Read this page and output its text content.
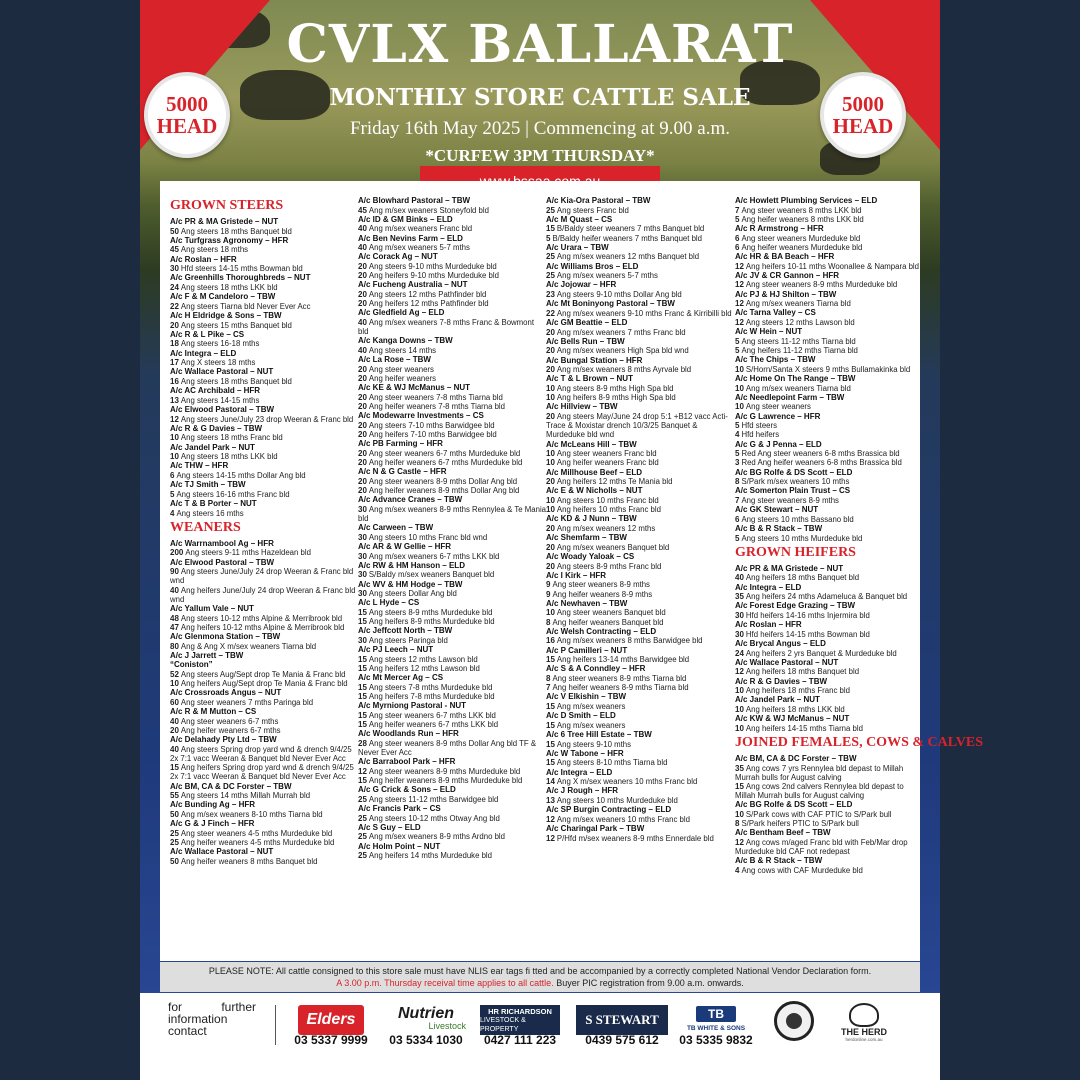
5000
HEAD
5000
HEAD
CVLX BALLARAT
MONTHLY STORE CATTLE SALE
Friday 16th May 2025 | Commencing at 9.00 a.m.
*CURFEW 3PM THURSDAY*
GROWN STEERS
A/c PR & MA Gristede – NUT
50 Ang steers 18 mths Banquet bld
A/c Turfgrass Agronomy – HFR
45 Ang steers 18 mths
A/c Roslan – HFR
30 Hfd steers 14-15 mths Bowman bld
A/c Greenhills Thoroughbreds – NUT
24 Ang steers 18 mths LKK bld
A/c F & M Candeloro – TBW
22 Ang steers Tiarna bld Never Ever Acc
A/c H Eldridge & Sons – TBW
20 Ang steers 15 mths Banquet bld
A/c R & L Pike – CS
18 Ang steers 16-18 mths
A/c Integra – ELD
17 Ang X steers 18 mths
A/c Wallace Pastoral – NUT
16 Ang steers 18 mths Banquet bld
A/c AC Archibald – HFR
13 Ang steers 14-15 mths
A/c Elwood Pastoral – TBW
12 Ang steers June/July 23 drop Weeran & Franc bld
A/c R & G Davies – TBW
10 Ang steers 18 mths Franc bld
A/c Jandel Park – NUT
10 Ang steers 18 mths LKK bld
A/c THW – HFR
6 Ang steers 14-15 mths Dollar Ang bld
A/c TJ Smith – TBW
5 Ang steers 16-16 mths Franc bld
A/c T & B Porter – NUT
4 Ang steers 16 mths
WEANERS
A/c Warrnambool Ag – HFR
200 Ang steers 9-11 mths Hazeldean bld
A/c Elwood Pastoral – TBW
90 Ang steers June/July 24 drop Weeran & Franc bld wnd
40 Ang heifers June/July 24 drop Weeran & Franc bld wnd
A/c Yallum Vale – NUT
48 Ang steers 10-12 mths Alpine & Merribrook bld
47 Ang heifers 10-12 mths Alpine & Merribrook bld
A/c Glenmona Station – TBW
80 Ang & Ang X m/sex weaners Tiarna bld
A/c J Jarrett – TBW
“Coniston”
52 Ang steers Aug/Sept drop Te Mania & Franc bld
10 Ang heifers Aug/Sept drop Te Mania & Franc bld
A/c Crossroads Angus – NUT
60 Ang steer weaners 7 mths Paringa bld
A/c R & M Mutton – CS
40 Ang steer weaners 6-7 mths
20 Ang heifer weaners 6-7 mths
A/c Delahady Pty Ltd – TBW
40 Ang steers Spring drop yard wnd & drench 9/4/25 2x 7:1 vacc Weeran & Banquet bld Never Ever Acc
15 Ang heifers Spring drop yard wnd & drench 9/4/25 2x 7:1 vacc Weeran & Banquet bld Never Ever Acc
A/c BM, CA & DC Forster – TBW
55 Ang steers 14 mths Millah Murrah bld
A/c Bunding Ag – HFR
50 Ang m/sex weaners 8-10 mths Tiarna bld
A/c G & J Finch – HFR
25 Ang steer weaners 4-5 mths Murdeduke bld
25 Ang heifer weaners 4-5 mths Murdeduke bld
A/c Wallace Pastoral – NUT
50 Ang heifer weaners 8 mths Banquet bld
A/c Blowhard Pastoral – TBW
45 Ang m/sex weaners Stoneyfold bld
A/c ID & GM Binks – ELD
40 Ang m/sex weaners Franc bld
A/c Ben Nevins Farm – ELD
40 Ang m/sex weaners 5-7 mths
A/c Corack Ag – NUT
20 Ang steers 9-10 mths Murdeduke bld
20 Ang heifers 9-10 mths Murdeduke bld
A/c Fucheng Australia – NUT
20 Ang steers 12 mths Pathfinder bld
20 Ang heifers 12 mths Pathfinder bld
A/c Gledfield Ag – ELD
40 Ang m/sex weaners 7-8 mths Franc & Bowmont bld
A/c Kanga Downs – TBW
40 Ang steers 14 mths
A/c La Rose – TBW
20 Ang steer weaners
20 Ang heifer weaners
A/c KE & WJ McManus – NUT
20 Ang steer weaners 7-8 mths Tiarna bld
20 Ang heifer weaners 7-8 mths Tiarna bld
A/c Modewarre Investments – CS
20 Ang steers 7-10 mths Barwidgee bld
20 Ang heifers 7-10 mths Barwidgee bld
A/c PB Farming – HFR
20 Ang steer weaners 6-7 mths Murdeduke bld
20 Ang heifer weaners 6-7 mths Murdeduke bld
A/c N & G Castle – HFR
20 Ang steer weaners 8-9 mths Dollar Ang bld
20 Ang heifer weaners 8-9 mths Dollar Ang bld
A/c Advance Cranes – TBW
30 Ang m/sex weaners 8-9 mths Rennylea & Te Mania bld
A/c Carween – TBW
30 Ang steers 10 mths Franc bld wnd
A/c AR & W Gellie – HFR
30 Ang m/sex weaners 6-7 mths LKK bld
A/c RW & HM Hanson – ELD
30 S/Baldy m/sex weaners Banquet bld
A/c WV & HM Hodge – TBW
30 Ang steers Dollar Ang bld
A/c L Hyde – CS
15 Ang steers 8-9 mths Murdeduke bld
15 Ang heifers 8-9 mths Murdeduke bld
A/c Jeffcott North – TBW
30 Ang steers Paringa bld
A/c PJ Leech – NUT
15 Ang steers 12 mths Lawson bld
15 Ang heifers 12 mths Lawson bld
A/c Mt Mercer Ag – CS
15 Ang steers 7-8 mths Murdeduke bld
15 Ang heifers 7-8 mths Murdeduke bld
A/c Myrniong Pastoral - NUT
15 Ang steer weaners 6-7 mths LKK bld
15 Ang heifer weaners 6-7 mths LKK bld
A/c Woodlands Run – HFR
28 Ang steer weaners 8-9 mths Dollar Ang bld TF & Never Ever Acc
A/c Barrabool Park – HFR
12 Ang steer weaners 8-9 mths Murdeduke bld
15 Ang heifer weaners 8-9 mths Murdeduke bld
A/c G Crick & Sons – ELD
25 Ang steers 11-12 mths Barwidgee bld
A/c Francis Park – CS
25 Ang steers 10-12 mths Otway Ang bld
A/c S Guy – ELD
25 Ang m/sex weaners 8-9 mths Ardno bld
A/c Holm Point – NUT
25 Ang heifers 14 mths Murdeduke bld
A/c Kia-Ora Pastoral – TBW
25 Ang steers Franc bld
A/c M Quast – CS
15 B/Baldy steer weaners 7 mths Banquet bld
5 B/Baldy heifer weaners 7 mths Banquet bld
A/c Urara – TBW
25 Ang m/sex weaners 12 mths Banquet bld
A/c Williams Bros – ELD
25 Ang m/sex weaners 5-7 mths
A/c Jojowar – HFR
23 Ang steers 9-10 mths Dollar Ang bld
A/c Mt Boninyong Pastoral – TBW
22 Ang m/sex weaners 9-10 mths Franc & Kirribilli bld
A/c GM Beattie – ELD
20 Ang m/sex weaners 7 mths Franc bld
A/c Bells Run – TBW
20 Ang m/sex weaners High Spa bld wnd
A/c Bungal Station – HFR
20 Ang m/sex weaners 8 mths Ayrvale bld
A/c T & L Brown – NUT
10 Ang steers 8-9 mths High Spa bld
10 Ang heifers 8-9 mths High Spa bld
A/c Hillview – TBW
20 Ang steers May/June 24 drop 5:1 +B12 vacc Acti-Trace & Moxistar drench 10/3/25 Banquet & Murdeduke bld wnd
A/c McLeans Hill – TBW
10 Ang steer weaners Franc bld
10 Ang heifer weaners Franc bld
A/c Millhouse Beef – ELD
20 Ang heifers 12 mths Te Mania bld
A/c E & W Nicholls – NUT
10 Ang steers 10 mths Franc bld
10 Ang heifers 10 mths Franc bld
A/c KD & J Nunn – TBW
20 Ang m/sex weaners 12 mths
A/c Shemfarm – TBW
20 Ang m/sex weaners Banquet bld
A/c Woady Yaloak – CS
20 Ang steers 8-9 mths Franc bld
A/c I Kirk – HFR
9 Ang steer weaners 8-9 mths
9 Ang heifer weaners 8-9 mths
A/c Newhaven – TBW
10 Ang steer weaners Banquet bld
8 Ang heifer weaners Banquet bld
A/c Welsh Contracting – ELD
16 Ang m/sex weaners 8 mths Barwidgee bld
A/c P Camilleri – NUT
15 Ang heifers 13-14 mths Barwidgee bld
A/c S & A Conndley – HFR
8 Ang steer weaners 8-9 mths Tiarna bld
7 Ang heifer weaners 8-9 mths Tiarna bld
A/c V Elkishin – TBW
15 Ang m/sex weaners
A/c D Smith – ELD
15 Ang m/sex weaners
A/c 6 Tree Hill Estate – TBW
15 Ang steers 9-10 mths
A/c W Tabone – HFR
15 Ang steers 8-10 mths Tiarna bld
A/c Integra – ELD
14 Ang X m/sex weaners 10 mths Franc bld
A/c J Rough – HFR
13 Ang steers 10 mths Murdeduke bld
A/c SP Burgin Contracting – ELD
12 Ang m/sex weaners 10 mths Franc bld
A/c Charingal Park – TBW
12 P/Hfd m/sex weaners 8-9 mths Ennerdale bld
A/c Howlett Plumbing Services – ELD
7 Ang steer weaners 8 mths LKK bld
5 Ang heifer weaners 8 mths LKK bld
A/c R Armstrong – HFR
6 Ang steer weaners Murdeduke bld
6 Ang heifer weaners Murdeduke bld
A/c HR & BA Beach – HFR
12 Ang heifers 10-11 mths Woonallee & Nampara bld
A/c JV & CR Gannon – HFR
12 Ang steer weaners 8-9 mths Murdeduke bld
A/c PJ & HJ Shilton – TBW
12 Ang m/sex weaners Tiarna bld
A/c Tarna Valley – CS
12 Ang steers 12 mths Lawson bld
A/c W Hein – NUT
5 Ang steers 11-12 mths Tiarna bld
5 Ang heifers 11-12 mths Tiarna bld
A/c The Chips – TBW
10 S/Horn/Santa X steers 9 mths Bullamakinka bld
A/c Home On The Range – TBW
10 Ang m/sex weaners Tiarna bld
A/c Needlepoint Farm – TBW
10 Ang steer weaners
A/c G Lawrence – HFR
5 Hfd steers
4 Hfd heifers
A/c G & J Penna – ELD
5 Red Ang steer weaners 6-8 mths Brassica bld
3 Red Ang heifer weaners 6-8 mths Brassica bld
A/c BG Rolfe & DS Scott – ELD
8 S/Park m/sex weaners 10 mths
A/c Somerton Plain Trust – CS
7 Ang steer weaners 8-9 mths
A/c GK Stewart – NUT
6 Ang steers 10 mths Bassano bld
A/c B & R Stack – TBW
5 Ang steers 10 mths Murdeduke bld
GROWN HEIFERS
A/c PR & MA Gristede – NUT
40 Ang heifers 18 mths Banquet bld
A/c Integra – ELD
35 Ang heifers 24 mths Adameluca & Banquet bld
A/c Forest Edge Grazing – TBW
30 Hfd heifers 14-16 mths Injermira bld
A/c Roslan – HFR
30 Hfd heifers 14-15 mths Bowman bld
A/c Brycal Angus – ELD
24 Ang heifers 2 yrs Banquet & Murdeduke bld
A/c Wallace Pastoral – NUT
12 Ang heifers 18 mths Banquet bld
A/c R & G Davies – TBW
10 Ang heifers 18 mths Franc bld
A/c Jandel Park – NUT
10 Ang heifers 18 mths LKK bld
A/c KW & WJ McManus – NUT
10 Ang heifers 14-15 mths Tiarna bld
JOINED FEMALES, COWS & CALVES
A/c BM, CA & DC Forster – TBW
35 Ang cows 7 yrs Rennylea bld depast to Millah Murrah bulls for August calving
15 Ang cows 2nd calvers Rennylea bld depast to Millah Murrah bulls for August calving
A/c BG Rolfe & DS Scott – ELD
10 S/Park cows with CAF PTIC to S/Park bull
8 S/Park heifers PTIC to S/Park bull
A/c Bentham Beef – TBW
12 Ang cows m/aged Franc bld with Feb/Mar drop Murdeduke bld CAF not redepast
A/c B & R Stack – TBW
4 Ang cows with CAF Murdeduke bld
PLEASE NOTE: All cattle consigned to this store sale must have NLIS ear tags fi tted and be accompanied by a correctly completed National Vendor Declaration form.
A 3.00 p.m. Thursday receival time applies to all cattle. Buyer PIC registration from 9.00 a.m. onwards.
for	further
information
contact
Elders
03 5337 9999
Nutrien
Livestock
03 5334 1030
HR RICHARDSON
LIVESTOCK & PROPERTY
0427 111 223
S STEWART
0439 575 612
TB
TB WHITE & SONS
03 5335 9832
THE HERD
herdonline.com.au
